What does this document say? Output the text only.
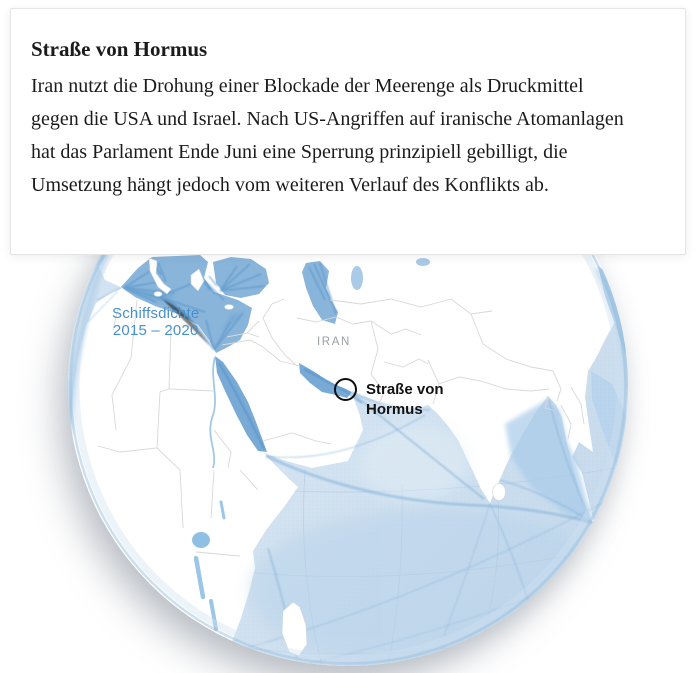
Schiffsdichte
2015 – 2020
IRAN
Straße von
Hormus
Straße von Hormus

Iran nutzt die Drohung einer Blockade der Meerenge als Druckmittel gegen die USA und Israel. Nach US-Angriffen auf iranische Atomanlagen hat das Parlament Ende Juni eine Sperrung prinzipiell gebilligt, die Umsetzung hängt jedoch vom weiteren Verlauf des Konflikts ab.
